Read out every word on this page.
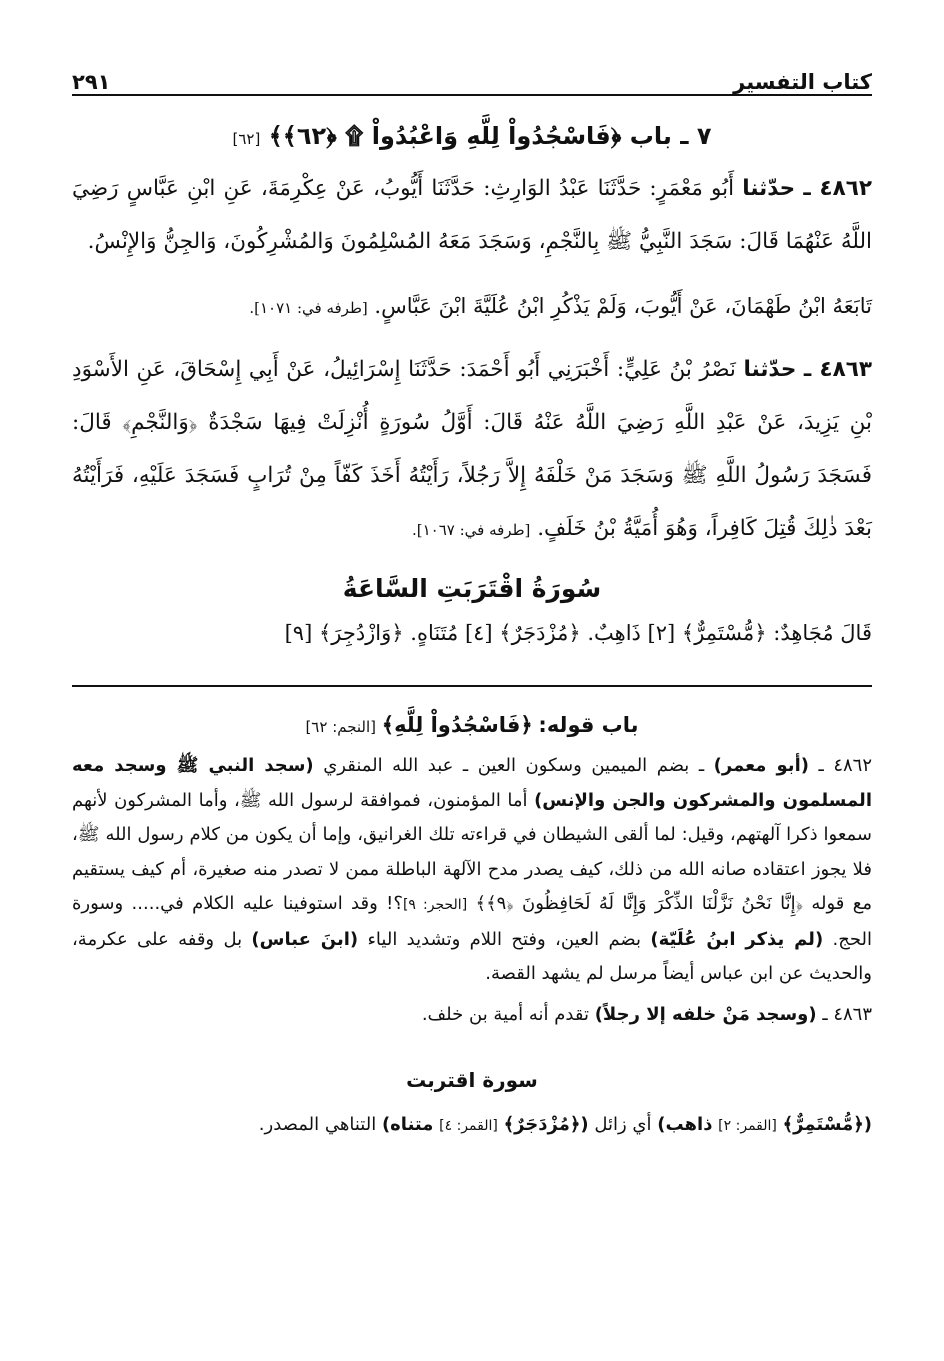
كتاب التفسير
٢٩١
٧ ـ باب ﴿فَاسْجُدُواْ لِلَّهِ وَاعْبُدُواْ ۩ ﴿٦٢﴾﴾ [٦٢]

٤٨٦٢ ـ حدّثنا أَبُو مَعْمَرٍ: حَدَّثَنَا عَبْدُ الوَارِثِ: حَدَّثَنَا أَيُّوبُ، عَنْ عِكْرِمَةَ، عَنِ ابْنِ عَبَّاسٍ رَضِيَ اللَّهُ عَنْهُمَا قَالَ: سَجَدَ النَّبِيُّ ﷺ بِالنَّجْمِ، وَسَجَدَ مَعَهُ المُسْلِمُونَ وَالمُشْرِكُونَ، وَالجِنُّ وَالإِنْسُ.

تَابَعَهُ ابْنُ طَهْمَانَ، عَنْ أَيُّوبَ، وَلَمْ يَذْكُرِ ابْنُ عُلَيَّةَ ابْنَ عَبَّاسٍ. [طرفه في: ١٠٧١].

٤٨٦٣ ـ حدّثنا نَصْرُ بْنُ عَلِيٍّ: أَخْبَرَنِي أَبُو أَحْمَدَ: حَدَّثَنَا إِسْرَائِيلُ، عَنْ أَبِي إِسْحَاقَ، عَنِ الأَسْوَدِ بْنِ يَزِيدَ، عَنْ عَبْدِ اللَّهِ رَضِيَ اللَّهُ عَنْهُ قَالَ: أَوَّلُ سُورَةٍ أُنْزِلَتْ فِيهَا سَجْدَةٌ ﴿وَالنَّجْمِ﴾ قَالَ: فَسَجَدَ رَسُولُ اللَّهِ ﷺ وَسَجَدَ مَنْ خَلْفَهُ إِلاَّ رَجُلاً، رَأَيْتُهُ أَخَذَ كَفّاً مِنْ تُرَابٍ فَسَجَدَ عَلَيْهِ، فَرَأَيْتُهُ بَعْدَ ذٰلِكَ قُتِلَ كَافِراً، وَهُوَ أُمَيَّةُ بْنُ خَلَفٍ. [طرفه في: ١٠٦٧].

سُورَةُ اقْتَرَبَتِ السَّاعَةُ

قَالَ مُجَاهِدٌ: ﴿مُّسْتَمِرٌّ﴾ [٢] ذَاهِبٌ. ﴿مُزْدَجَرٌ﴾ [٤] مُتَنَاهٍ. ﴿وَازْدُجِرَ﴾ [٩]

باب قوله: ﴿فَاسْجُدُواْ لِلَّهِ﴾ [النجم: ٦٢]

٤٨٦٢ ـ (أبو معمر) ـ بضم الميمين وسكون العين ـ عبد الله المنقري (سجد النبي ﷺ وسجد معه المسلمون والمشركون والجن والإنس) أما المؤمنون، فموافقة لرسول الله ﷺ، وأما المشركون لأنهم سمعوا ذكرا آلهتهم، وقيل: لما ألقى الشيطان في قراءته تلك الغرانيق، وإما أن يكون من كلام رسول الله ﷺ، فلا يجوز اعتقاده صانه الله من ذلك، كيف يصدر مدح الآلهة الباطلة ممن لا تصدر منه صغيرة، أم كيف يستقيم مع قوله ﴿إِنَّا نَحْنُ نَزَّلْنَا الذِّكْرَ وَإِنَّا لَهُ لَحَافِظُونَ ﴿٩﴾﴾ [الحجر: ٩]؟! وقد استوفينا عليه الكلام في..... وسورة الحج. (لم يذكر ابنُ عُلَيّة) بضم العين، وفتح اللام وتشديد الياء (ابنَ عباس) بل وقفه على عكرمة، والحديث عن ابن عباس أيضاً مرسل لم يشهد القصة.

٤٨٦٣ ـ (وسجد مَنْ خلفه إلا رجلاً) تقدم أنه أمية بن خلف.

سورة اقتربت

(﴿مُّسْتَمِرٌّ﴾ [القمر: ٢] ذاهب) أي زائل (﴿مُزْدَجَرٌ﴾ [القمر: ٤] متناه) التناهي المصدر.
